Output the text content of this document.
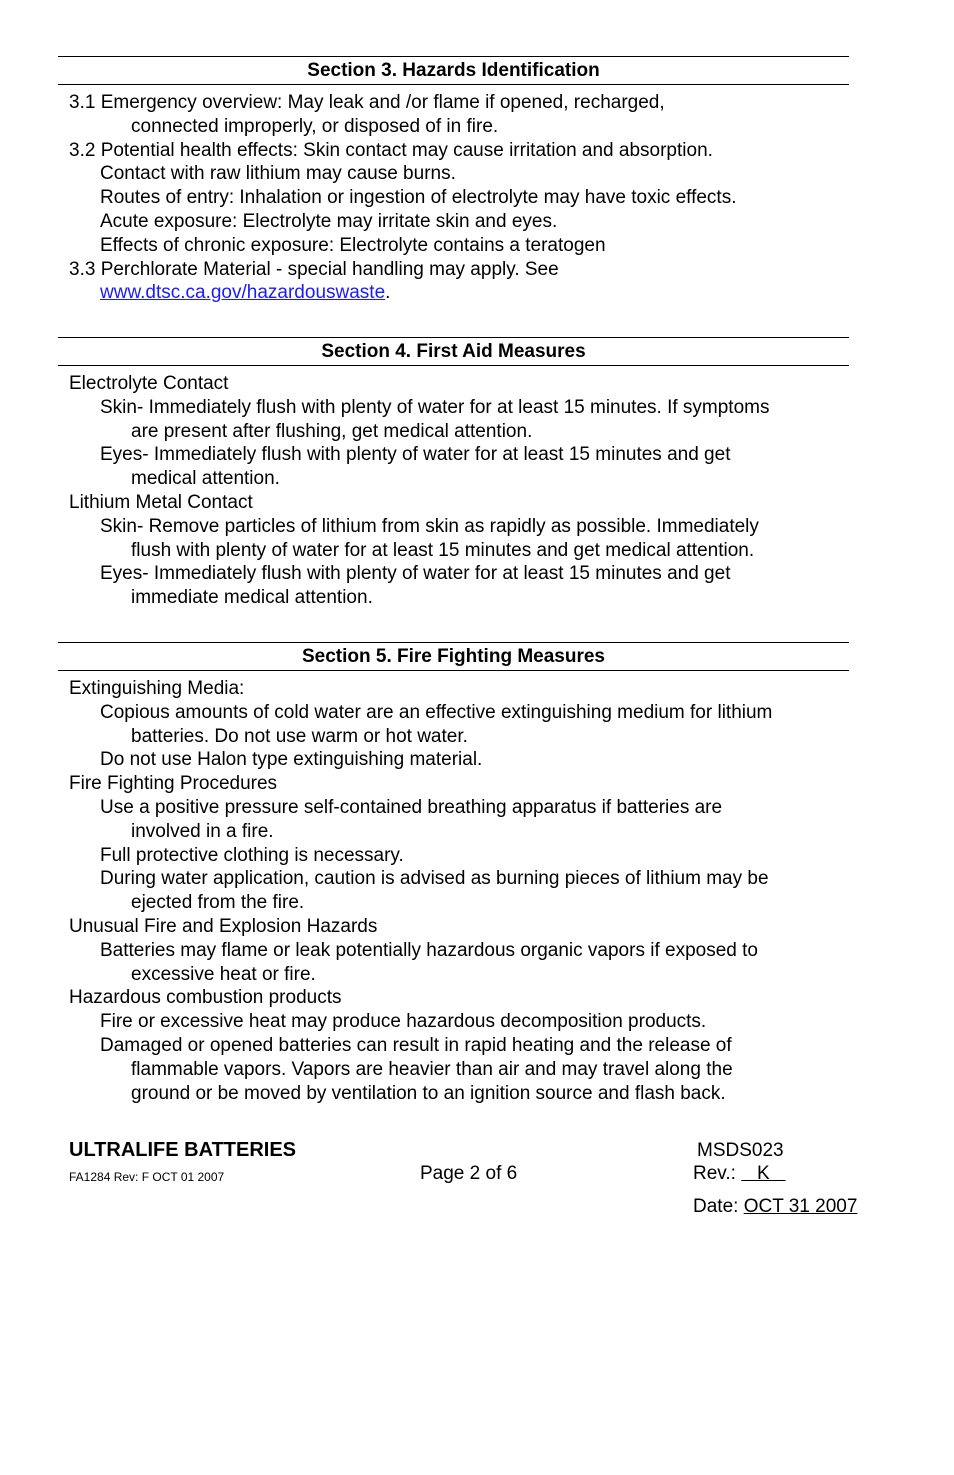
Section 3. Hazards Identification
3.1 Emergency overview: May leak and /or flame if opened, recharged,
connected improperly, or disposed of in fire.
3.2 Potential health effects: Skin contact may cause irritation and absorption.
Contact with raw lithium may cause burns.
Routes of entry: Inhalation or ingestion of electrolyte may have toxic effects.
Acute exposure: Electrolyte may irritate skin and eyes.
Effects of chronic exposure: Electrolyte contains a teratogen
3.3 Perchlorate Material - special handling may apply. See
www.dtsc.ca.gov/hazardouswaste.
Section 4. First Aid Measures
Electrolyte Contact
Skin- Immediately flush with plenty of water for at least 15 minutes. If symptoms
are present after flushing, get medical attention.
Eyes- Immediately flush with plenty of water for at least 15 minutes and get
medical attention.
Lithium Metal Contact
Skin- Remove particles of lithium from skin as rapidly as possible. Immediately
flush with plenty of water for at least 15 minutes and get medical attention.
Eyes- Immediately flush with plenty of water for at least 15 minutes and get
immediate medical attention.
Section 5. Fire Fighting Measures
Extinguishing Media:
Copious amounts of cold water are an effective extinguishing medium for lithium
batteries. Do not use warm or hot water.
Do not use Halon type extinguishing material.
Fire Fighting Procedures
Use a positive pressure self-contained breathing apparatus if batteries are
involved in a fire.
Full protective clothing is necessary.
During water application, caution is advised as burning pieces of lithium may be
ejected from the fire.
Unusual Fire and Explosion Hazards
Batteries may flame or leak potentially hazardous organic vapors if exposed to
excessive heat or fire.
Hazardous combustion products
Fire or excessive heat may produce hazardous decomposition products.
Damaged or opened batteries can result in rapid heating and the release of
flammable vapors. Vapors are heavier than air and may travel along the
ground or be moved by ventilation to an ignition source and flash back.
ULTRALIFE BATTERIES
FA1284 Rev: F OCT 01 2007	Page 2 of 6
MSDS023
Rev.:    K
Date: OCT 31 2007
